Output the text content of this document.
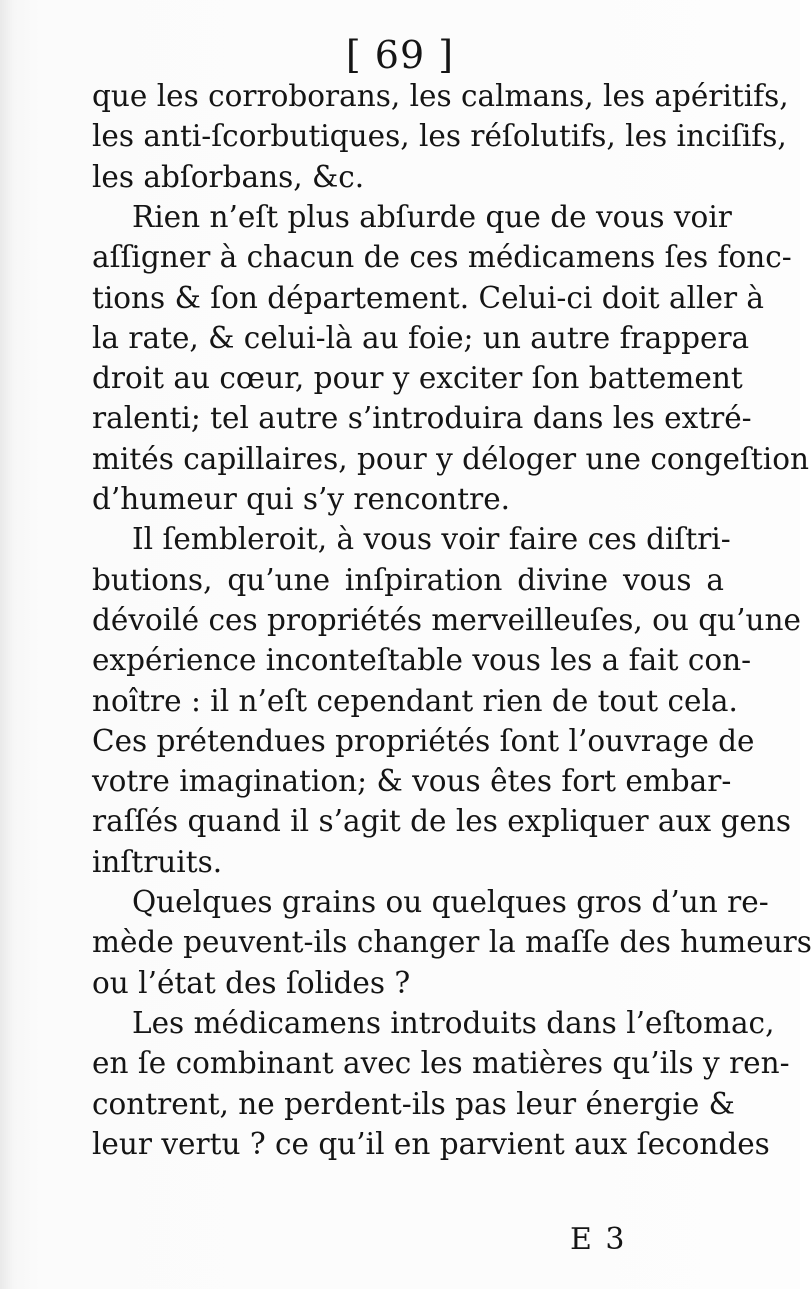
[ 69 ]
que les corroborans, les calmans, les apéritifs,
les anti-ſcorbutiques, les réſolutifs, les inciſifs,
les abſorbans, &c.
Rien n’eſt plus abſurde que de vous voir
aſſigner à chacun de ces médicamens ſes fonc-
tions & ſon département. Celui-ci doit aller à
la rate, & celui-là au foie; un autre frappera
droit au cœur, pour y exciter ſon battement
ralenti; tel autre s’introduira dans les extré-
mités capillaires, pour y déloger une congeſtion
d’humeur qui s’y rencontre.
Il ſembleroit, à vous voir faire ces diſtri-
butions, qu’une inſpiration divine vous a
dévoilé ces propriétés merveilleuſes, ou qu’une
expérience inconteſtable vous les a fait con-
noître : il n’eſt cependant rien de tout cela.
Ces prétendues propriétés ſont l’ouvrage de
votre imagination; & vous êtes fort embar-
raſſés quand il s’agit de les expliquer aux gens
inſtruits.
Quelques grains ou quelques gros d’un re-
mède peuvent-ils changer la maſſe des humeurs
ou l’état des ſolides ?
Les médicamens introduits dans l’eſtomac,
en ſe combinant avec les matières qu’ils y ren-
contrent, ne perdent-ils pas leur énergie &
leur vertu ? ce qu’il en parvient aux ſecondes
E 3
